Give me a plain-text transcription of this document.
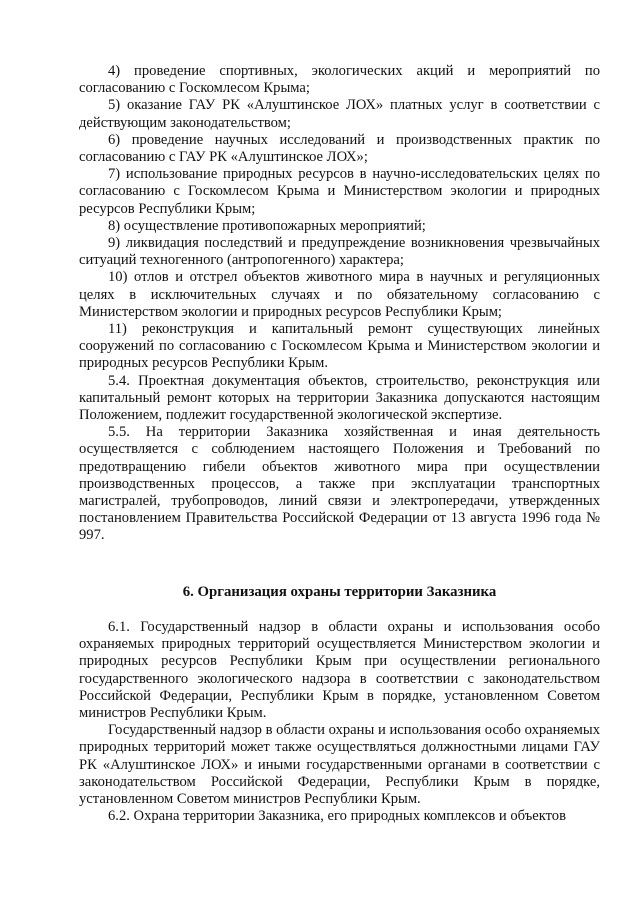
4) проведение спортивных, экологических акций и мероприятий по согласованию с Госкомлесом Крыма;

5) оказание ГАУ РК «Алуштинское ЛОХ» платных услуг в соответствии с действующим законодательством;

6) проведение научных исследований и производственных практик по согласованию с ГАУ РК «Алуштинское ЛОХ»;

7) использование природных ресурсов в научно-исследовательских целях по согласованию с Госкомлесом Крыма и Министерством экологии и природных ресурсов Республики Крым;

8) осуществление противопожарных мероприятий;

9) ликвидация последствий и предупреждение возникновения чрезвычайных ситуаций техногенного (антропогенного) характера;

10) отлов и отстрел объектов животного мира в научных и регуляционных целях в исключительных случаях и по обязательному согласованию с Министерством экологии и природных ресурсов Республики Крым;

11) реконструкция и капитальный ремонт существующих линейных сооружений по согласованию с Госкомлесом Крыма и Министерством экологии и природных ресурсов Республики Крым.

5.4. Проектная документация объектов, строительство, реконструкция или капитальный ремонт которых на территории Заказника допускаются настоящим Положением, подлежит государственной экологической экспертизе.

5.5. На территории Заказника хозяйственная и иная деятельность осуществляется с соблюдением настоящего Положения и Требований по предотвращению гибели объектов животного мира при осуществлении производственных процессов, а также при эксплуатации транспортных магистралей, трубопроводов, линий связи и электропередачи, утвержденных постановлением Правительства Российской Федерации от 13 августа 1996 года № 997.

6. Организация охраны территории Заказника

6.1. Государственный надзор в области охраны и использования особо охраняемых природных территорий осуществляется Министерством экологии и природных ресурсов Республики Крым при осуществлении регионального государственного экологического надзора в соответствии с законодательством Российской Федерации, Республики Крым в порядке, установленном Советом министров Республики Крым.

Государственный надзор в области охраны и использования особо охраняемых природных территорий может также осуществляться должностными лицами ГАУ РК «Алуштинское ЛОХ» и иными государственными органами в соответствии с законодательством Российской Федерации, Республики Крым в порядке, установленном Советом министров Республики Крым.

6.2. Охрана территории Заказника, его природных комплексов и объектов
